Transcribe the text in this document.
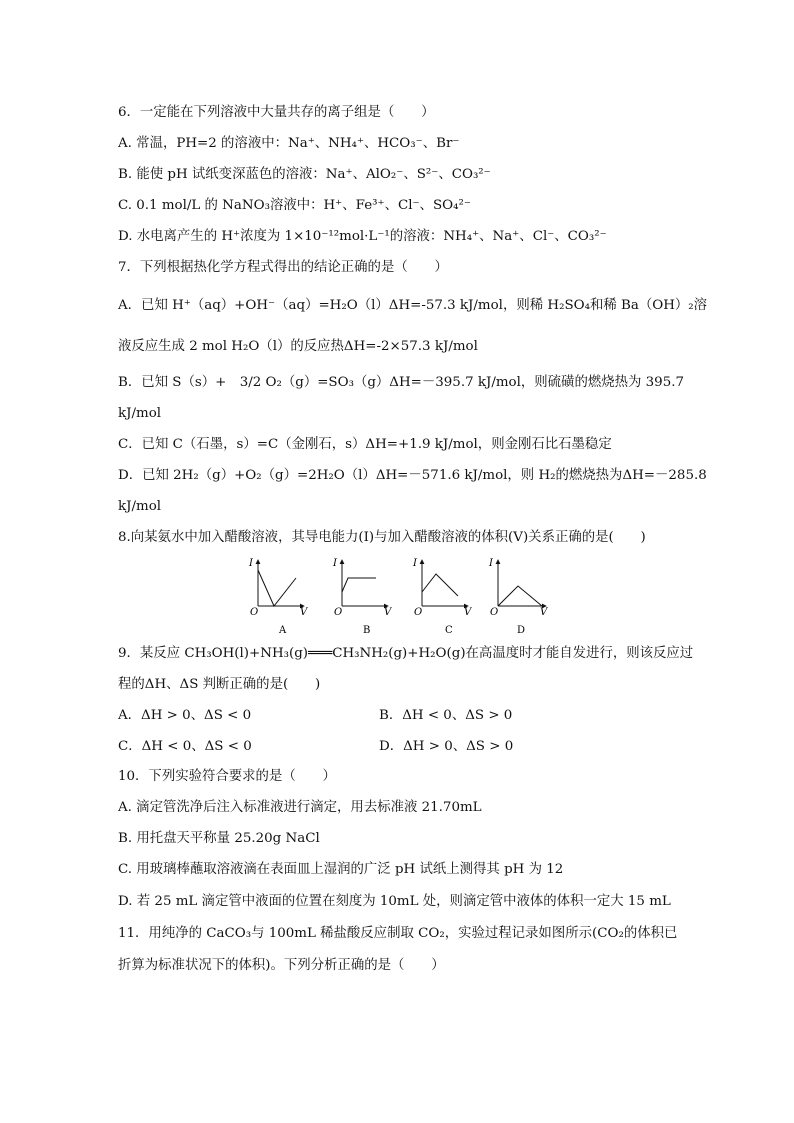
6．一定能在下列溶液中大量共存的离子组是（　　）
A. 常温，PH=2 的溶液中：Na⁺、NH₄⁺、HCO₃⁻、Br⁻
B. 能使 pH 试纸变深蓝色的溶液：Na⁺、AlO₂⁻、S²⁻、CO₃²⁻
C. 0.1 mol/L 的 NaNO₃溶液中：H⁺、Fe³⁺、Cl⁻、SO₄²⁻
D. 水电离产生的 H⁺浓度为 1×10⁻¹²mol·L⁻¹的溶液：NH₄⁺、Na⁺、Cl⁻、CO₃²⁻
7．下列根据热化学方程式得出的结论正确的是（　　）
A．已知 H⁺（aq）+OH⁻（aq）=H₂O（l）ΔH=-57.3 kJ/mol，则稀 H₂SO₄和稀 Ba（OH）₂溶
液反应生成 2 mol H₂O（l）的反应热ΔH=-2×57.3 kJ/mol
B．已知 S（s）+　3/2 O₂（g）=SO₃（g）ΔH=－395.7 kJ/mol，则硫磺的燃烧热为 395.7
kJ/mol
C．已知 C（石墨，s）=C（金刚石，s）ΔH=+1.9 kJ/mol，则金刚石比石墨稳定
D．已知 2H₂（g）+O₂（g）=2H₂O（l）ΔH=－571.6 kJ/mol，则 H₂的燃烧热为ΔH=－285.8
kJ/mol
8.向某氨水中加入醋酸溶液，其导电能力(I)与加入醋酸溶液的体积(V)关系正确的是(　　)
I
O	V
A
I
O	V
B
I
O	V
C
I
O	V
D
9．某反应 CH₃OH(l)+NH₃(g)═══CH₃NH₂(g)+H₂O(g)在高温度时才能自发进行，则该反应过
程的ΔH、ΔS 判断正确的是(　　)
A．ΔH > 0、ΔS < 0	B．ΔH < 0、ΔS > 0
C．ΔH < 0、ΔS < 0	D．ΔH > 0、ΔS > 0
10．下列实验符合要求的是（　　）
A. 滴定管洗净后注入标准液进行滴定，用去标准液 21.70mL
B. 用托盘天平称量 25.20g NaCl
C. 用玻璃棒蘸取溶液滴在表面皿上湿润的广泛 pH 试纸上测得其 pH 为 12
D. 若 25 mL 滴定管中液面的位置在刻度为 10mL 处，则滴定管中液体的体积一定大 15 mL
11．用纯净的 CaCO₃与 100mL 稀盐酸反应制取 CO₂，实验过程记录如图所示(CO₂的体积已
折算为标准状况下的体积)。下列分析正确的是（　　）
